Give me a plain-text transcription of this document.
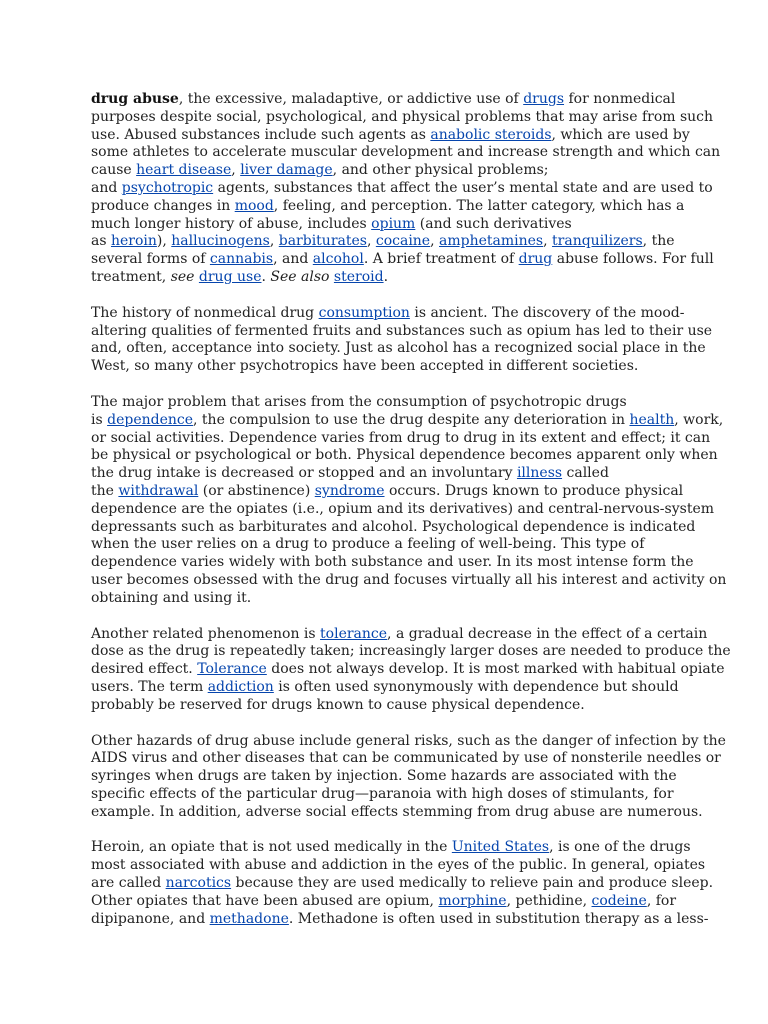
drug abuse, the excessive, maladaptive, or addictive use of drugs for nonmedical
purposes despite social, psychological, and physical problems that may arise from such
use. Abused substances include such agents as anabolic steroids, which are used by
some athletes to accelerate muscular development and increase strength and which can
cause heart disease, liver damage, and other physical problems;
and psychotropic agents, substances that affect the user’s mental state and are used to
produce changes in mood, feeling, and perception. The latter category, which has a
much longer history of abuse, includes opium (and such derivatives
as heroin), hallucinogens, barbiturates, cocaine, amphetamines, tranquilizers, the
several forms of cannabis, and alcohol. A brief treatment of drug abuse follows. For full
treatment, see drug use. See also steroid.

The history of nonmedical drug consumption is ancient. The discovery of the mood-
altering qualities of fermented fruits and substances such as opium has led to their use
and, often, acceptance into society. Just as alcohol has a recognized social place in the
West, so many other psychotropics have been accepted in different societies.

The major problem that arises from the consumption of psychotropic drugs
is dependence, the compulsion to use the drug despite any deterioration in health, work,
or social activities. Dependence varies from drug to drug in its extent and effect; it can
be physical or psychological or both. Physical dependence becomes apparent only when
the drug intake is decreased or stopped and an involuntary illness called
the withdrawal (or abstinence) syndrome occurs. Drugs known to produce physical
dependence are the opiates (i.e., opium and its derivatives) and central-nervous-system
depressants such as barbiturates and alcohol. Psychological dependence is indicated
when the user relies on a drug to produce a feeling of well-being. This type of
dependence varies widely with both substance and user. In its most intense form the
user becomes obsessed with the drug and focuses virtually all his interest and activity on
obtaining and using it.

Another related phenomenon is tolerance, a gradual decrease in the effect of a certain
dose as the drug is repeatedly taken; increasingly larger doses are needed to produce the
desired effect. Tolerance does not always develop. It is most marked with habitual opiate
users. The term addiction is often used synonymously with dependence but should
probably be reserved for drugs known to cause physical dependence.

Other hazards of drug abuse include general risks, such as the danger of infection by the
AIDS virus and other diseases that can be communicated by use of nonsterile needles or
syringes when drugs are taken by injection. Some hazards are associated with the
specific effects of the particular drug—paranoia with high doses of stimulants, for
example. In addition, adverse social effects stemming from drug abuse are numerous.

Heroin, an opiate that is not used medically in the United States, is one of the drugs
most associated with abuse and addiction in the eyes of the public. In general, opiates
are called narcotics because they are used medically to relieve pain and produce sleep.
Other opiates that have been abused are opium, morphine, pethidine, codeine, for
dipipanone, and methadone. Methadone is often used in substitution therapy as a less-
